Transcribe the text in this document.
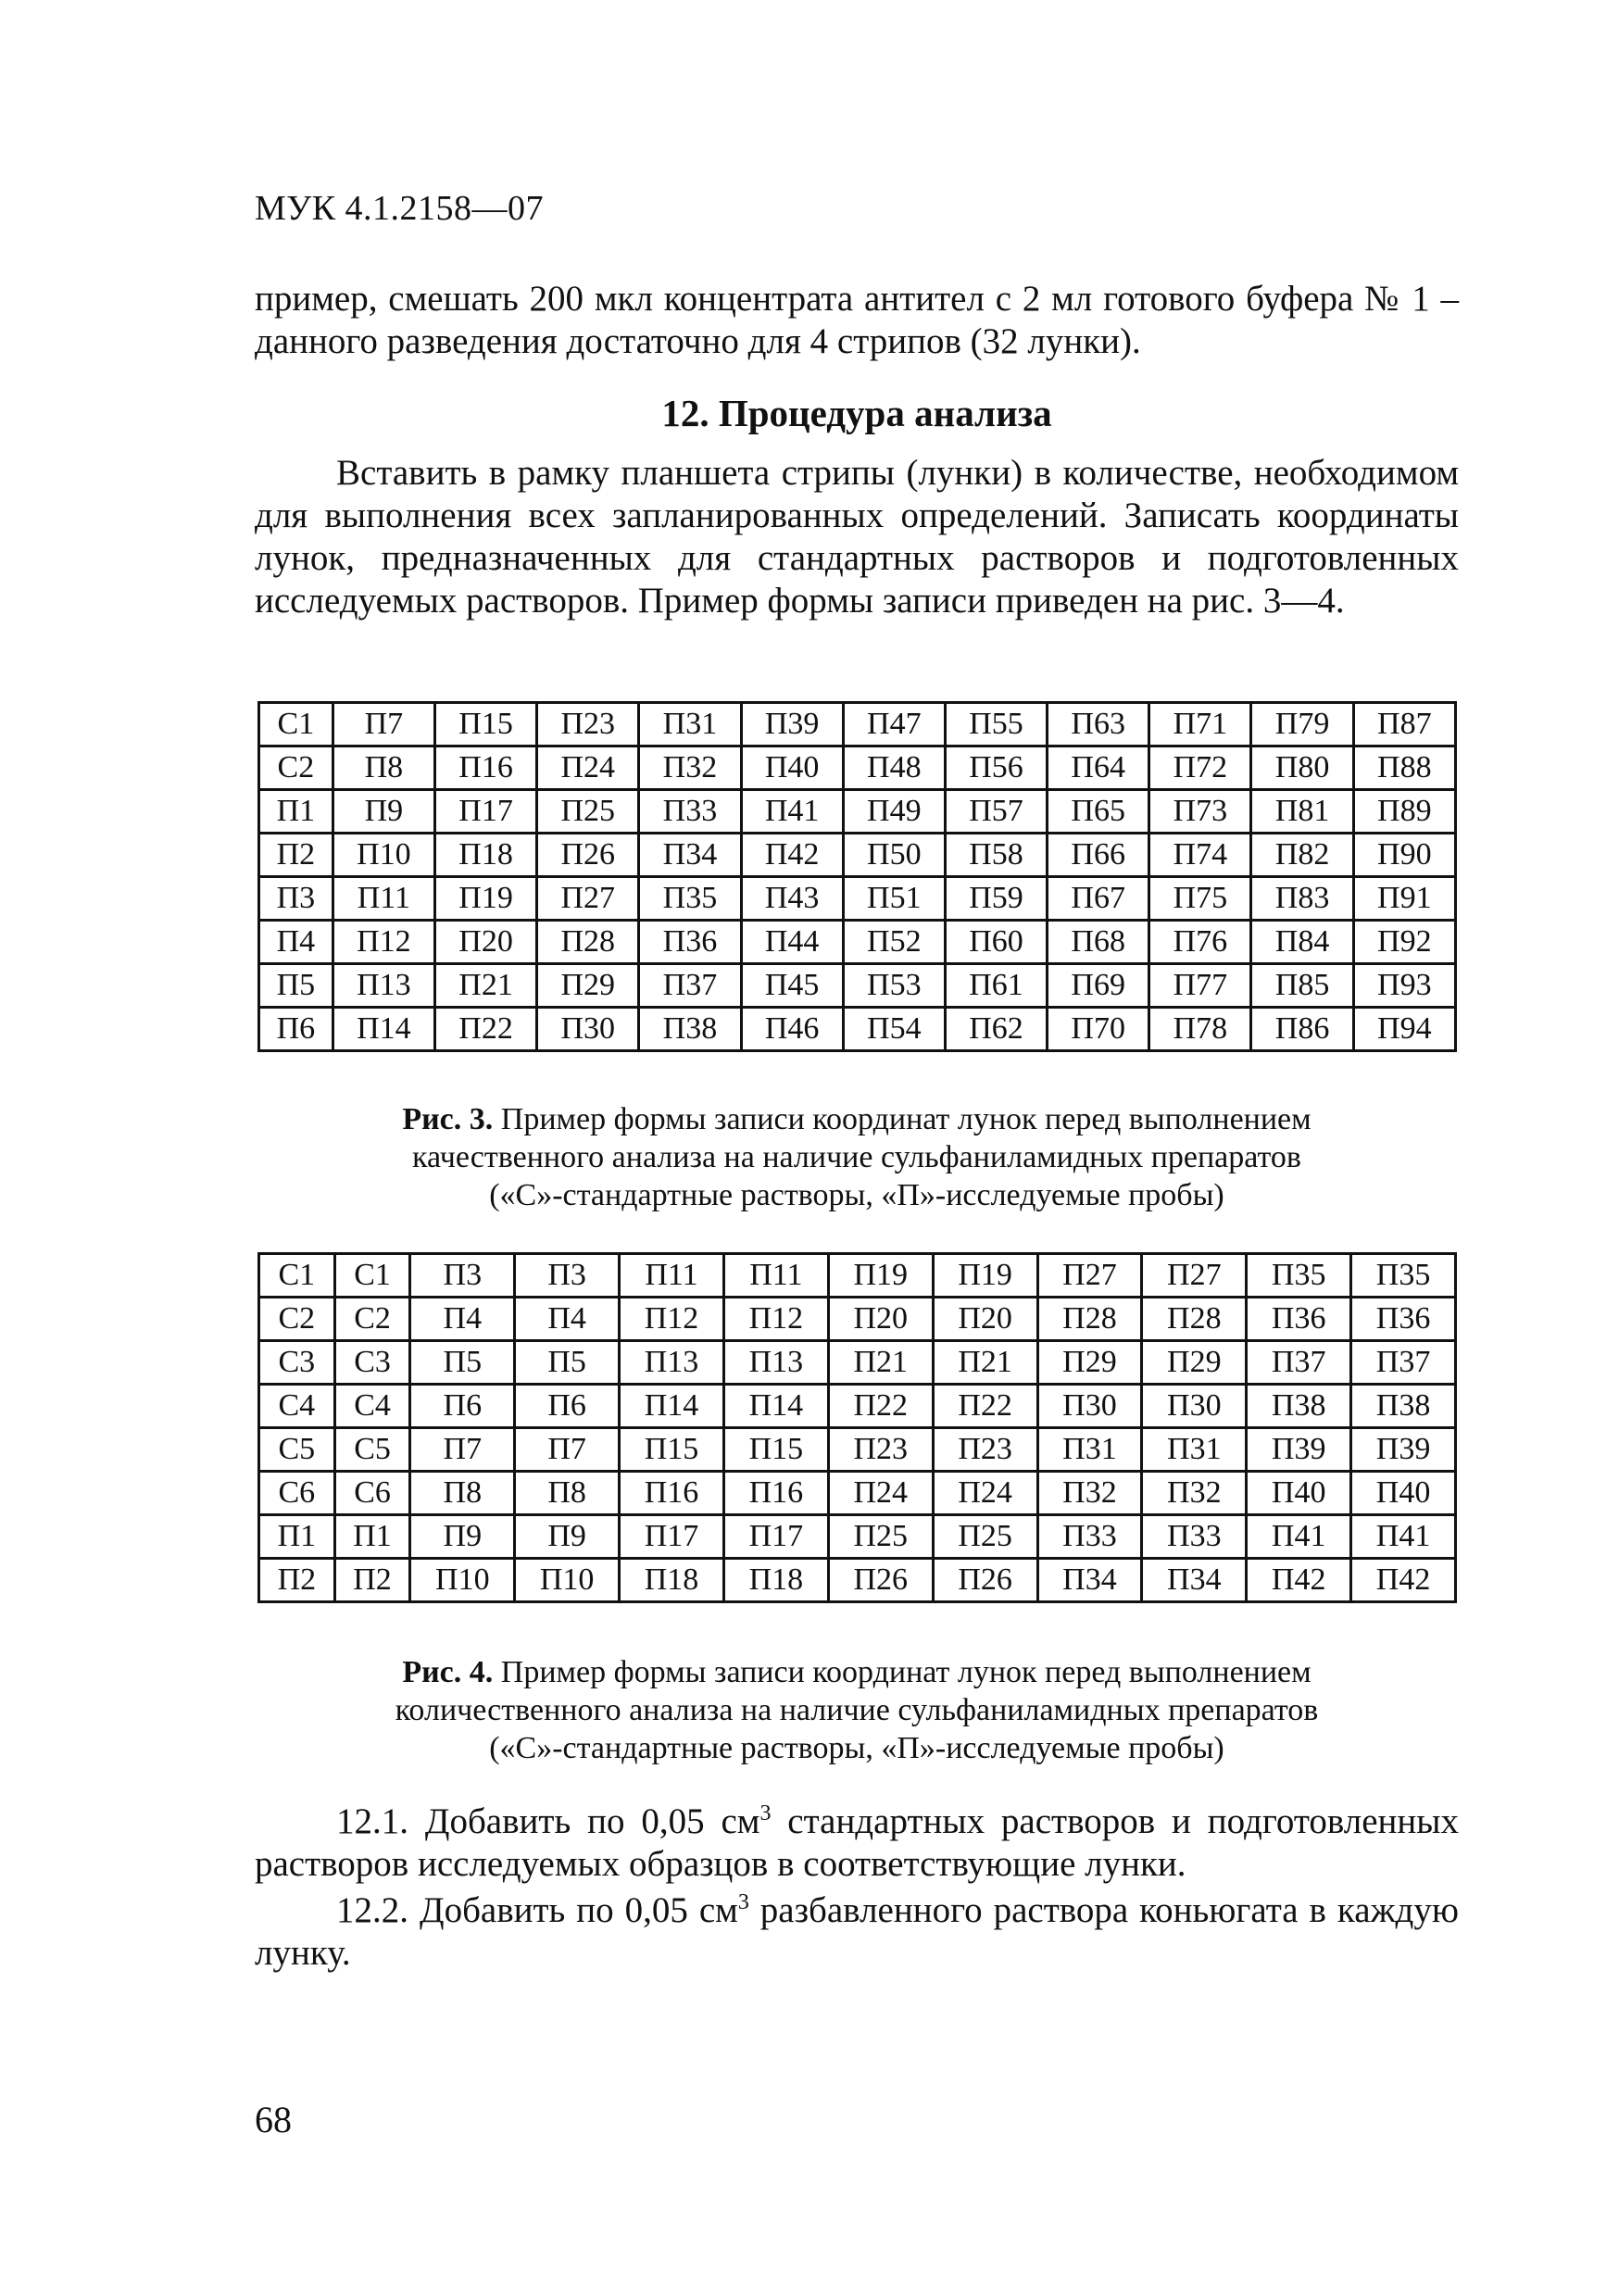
МУК 4.1.2158—07
пример, смешать 200 мкл концентрата антител с 2 мл готового буфера № 1 – данного разведения достаточно для 4 стрипов (32 лунки).
12. Процедура анализа
Вставить в рамку планшета стрипы (лунки) в количестве, необходимом для выполнения всех запланированных определений. Записать координаты лунок, предназначенных для стандартных растворов и подготовленных исследуемых растворов. Пример формы записи приведен на рис. 3—4.
С1	П7	П15	П23	П31	П39	П47	П55	П63	П71	П79	П87
С2	П8	П16	П24	П32	П40	П48	П56	П64	П72	П80	П88
П1	П9	П17	П25	П33	П41	П49	П57	П65	П73	П81	П89
П2	П10	П18	П26	П34	П42	П50	П58	П66	П74	П82	П90
П3	П11	П19	П27	П35	П43	П51	П59	П67	П75	П83	П91
П4	П12	П20	П28	П36	П44	П52	П60	П68	П76	П84	П92
П5	П13	П21	П29	П37	П45	П53	П61	П69	П77	П85	П93
П6	П14	П22	П30	П38	П46	П54	П62	П70	П78	П86	П94
Рис. 3. Пример формы записи координат лунок перед выполнением
качественного анализа на наличие сульфаниламидных препаратов
(«С»-стандартные растворы, «П»-исследуемые пробы)
С1	С1	П3	П3	П11	П11	П19	П19	П27	П27	П35	П35
С2	С2	П4	П4	П12	П12	П20	П20	П28	П28	П36	П36
С3	С3	П5	П5	П13	П13	П21	П21	П29	П29	П37	П37
С4	С4	П6	П6	П14	П14	П22	П22	П30	П30	П38	П38
С5	С5	П7	П7	П15	П15	П23	П23	П31	П31	П39	П39
С6	С6	П8	П8	П16	П16	П24	П24	П32	П32	П40	П40
П1	П1	П9	П9	П17	П17	П25	П25	П33	П33	П41	П41
П2	П2	П10	П10	П18	П18	П26	П26	П34	П34	П42	П42
Рис. 4. Пример формы записи координат лунок перед выполнением
количественного анализа на наличие сульфаниламидных препаратов
(«С»-стандартные растворы, «П»-исследуемые пробы)
12.1. Добавить по 0,05 $см^3$ стандартных растворов и подготовленных растворов исследуемых образцов в соответствующие лунки.
12.2. Добавить по 0,05 $см^3$ разбавленного раствора коньюгата в каждую лунку.
68
